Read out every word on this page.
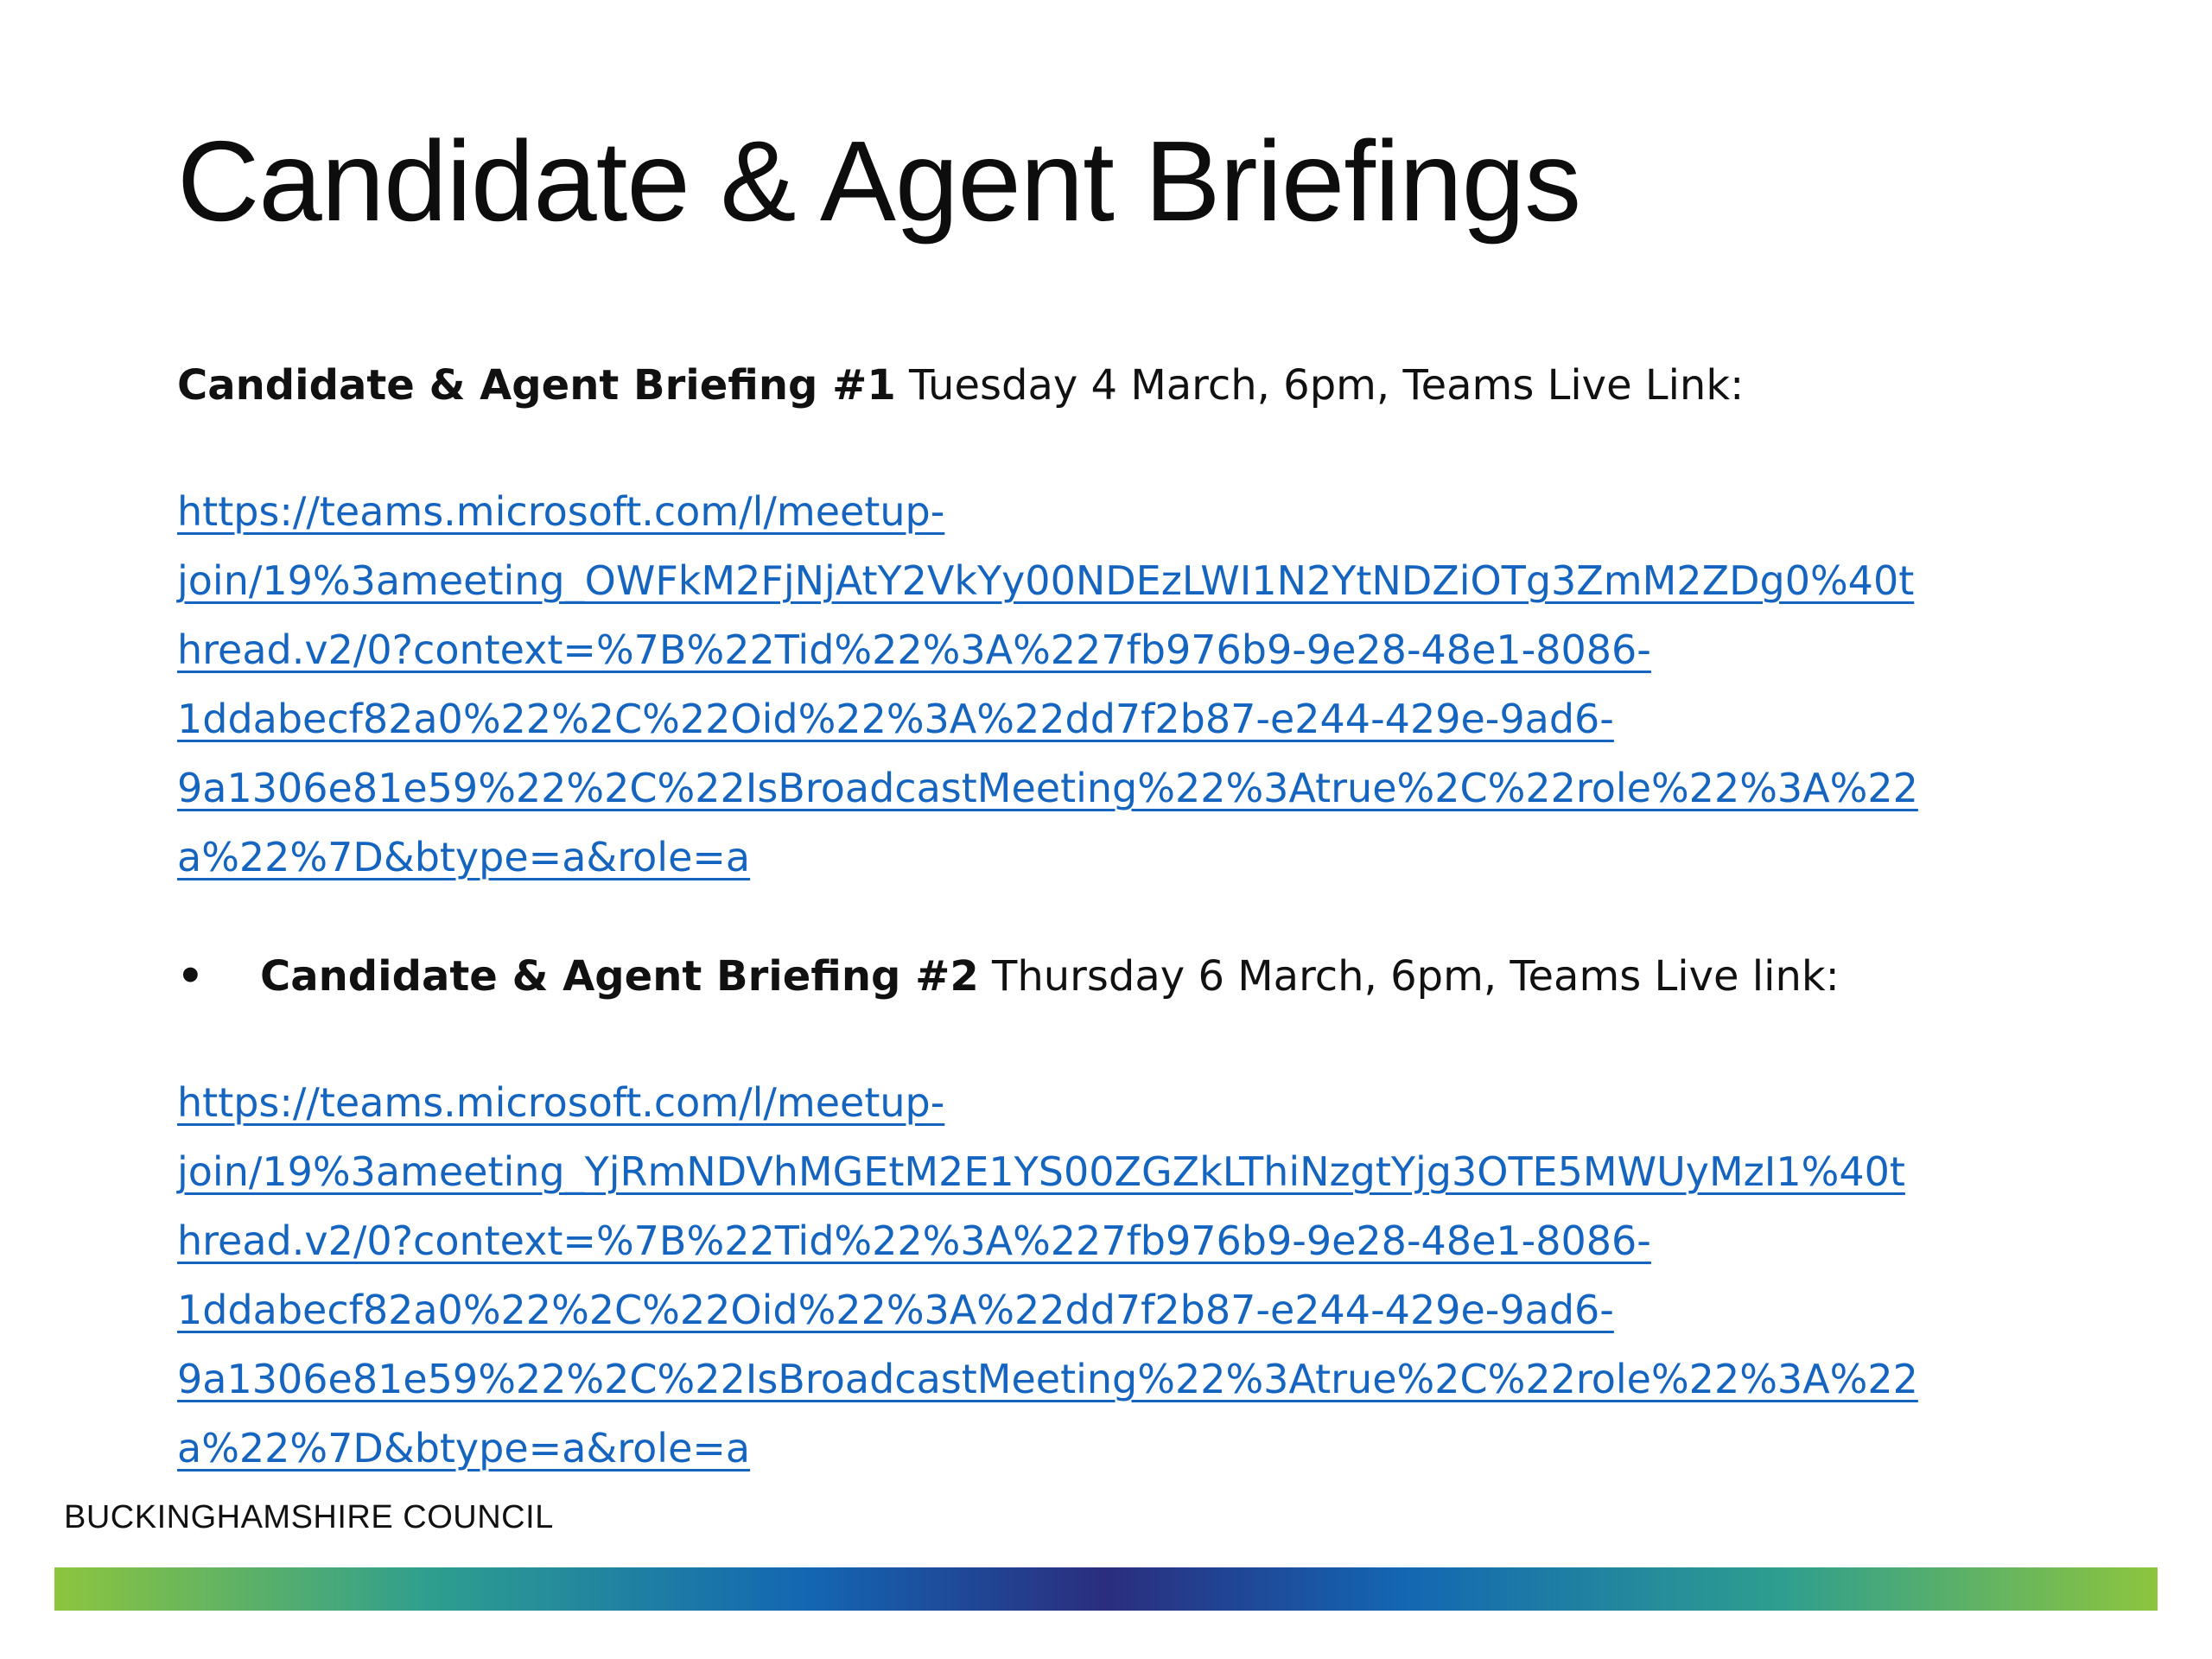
Candidate & Agent Briefings
Candidate & Agent Briefing #1 Tuesday 4 March, 6pm, Teams Live Link:
https://teams.microsoft.com/l/meetup-
join/19%3ameeting_OWFkM2FjNjAtY2VkYy00NDEzLWI1N2YtNDZiOTg3ZmM2ZDg0%40t
hread.v2/0?context=%7B%22Tid%22%3A%227fb976b9-9e28-48e1-8086-
1ddabecf82a0%22%2C%22Oid%22%3A%22dd7f2b87-e244-429e-9ad6-
9a1306e81e59%22%2C%22IsBroadcastMeeting%22%3Atrue%2C%22role%22%3A%22
a%22%7D&btype=a&role=a
• Candidate & Agent Briefing #2 Thursday 6 March, 6pm, Teams Live link:
https://teams.microsoft.com/l/meetup-
join/19%3ameeting_YjRmNDVhMGEtM2E1YS00ZGZkLThiNzgtYjg3OTE5MWUyMzI1%40t
hread.v2/0?context=%7B%22Tid%22%3A%227fb976b9-9e28-48e1-8086-
1ddabecf82a0%22%2C%22Oid%22%3A%22dd7f2b87-e244-429e-9ad6-
9a1306e81e59%22%2C%22IsBroadcastMeeting%22%3Atrue%2C%22role%22%3A%22
a%22%7D&btype=a&role=a
BUCKINGHAMSHIRE COUNCIL
